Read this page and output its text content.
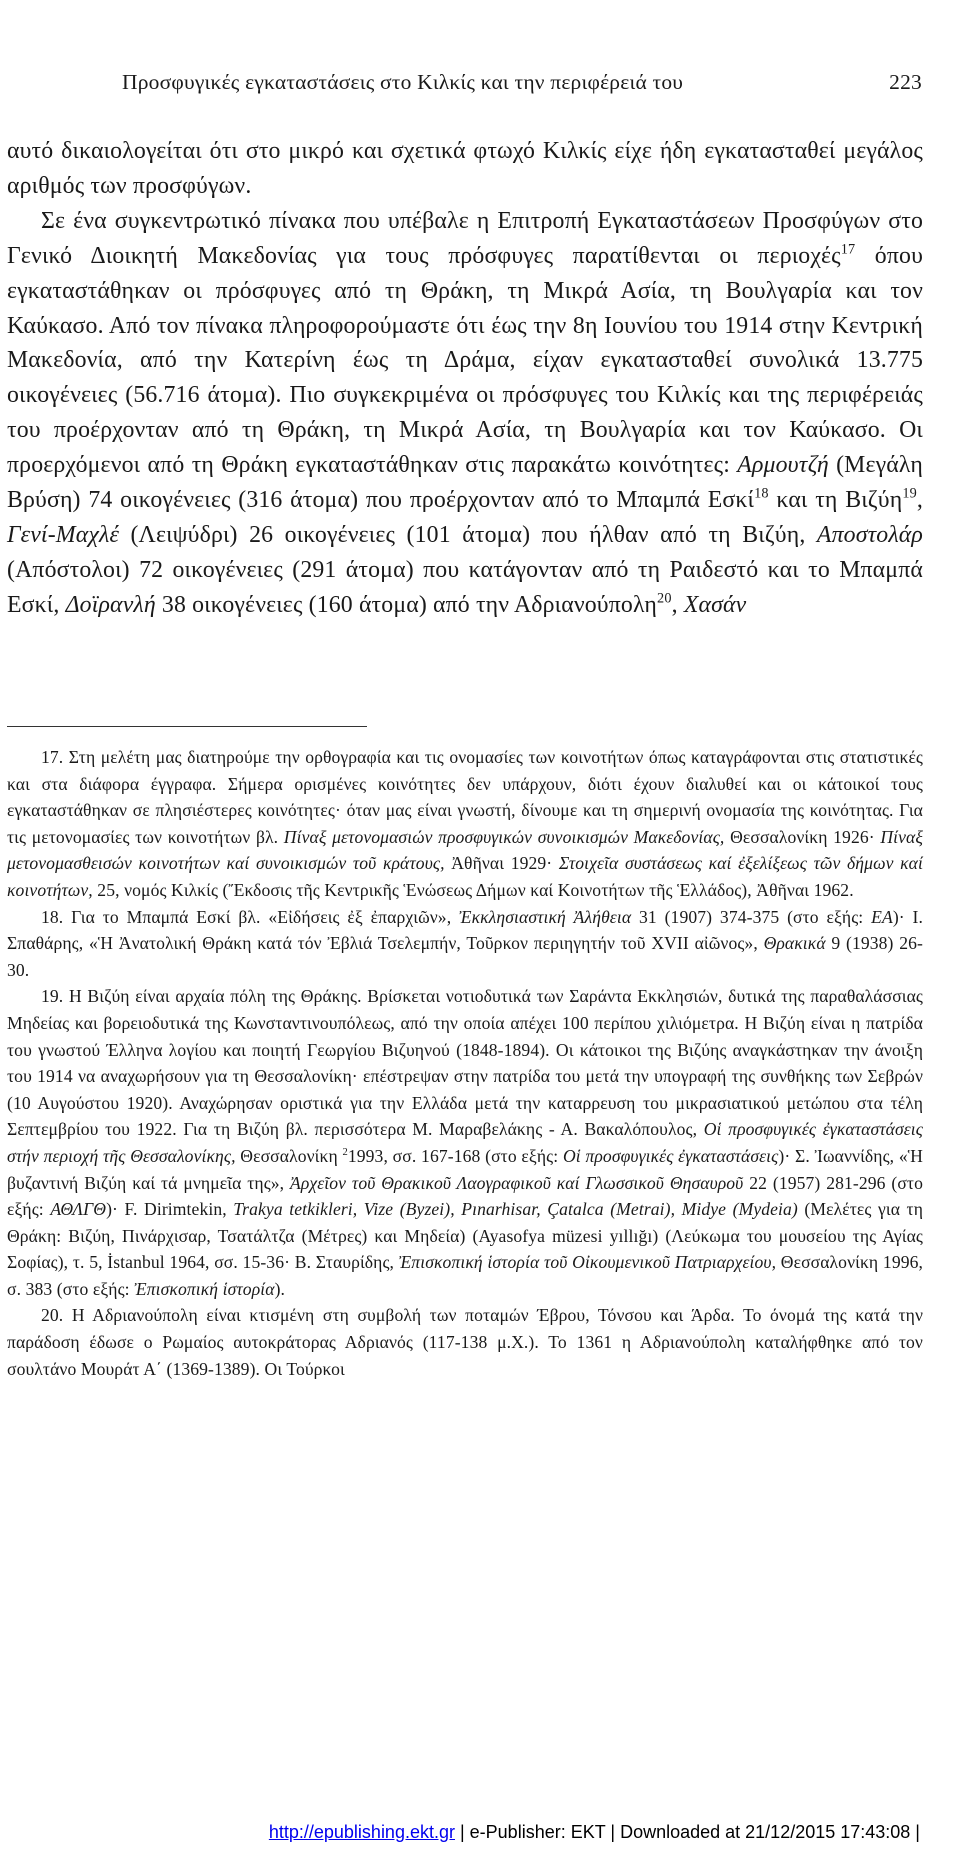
Προσφυγικές εγκαταστάσεις στο Κιλκίς και την περιφέρειά του	223

αυτό δικαιολογείται ότι στο μικρό και σχετικά φτωχό Κιλκίς είχε ήδη εγκατασταθεί μεγάλος αριθμός των προσφύγων.

Σε ένα συγκεντρωτικό πίνακα που υπέβαλε η Επιτροπή Εγκαταστάσεων Προσφύγων στο Γενικό Διοικητή Μακεδονίας για τους πρόσφυγες παρατίθενται οι περιοχές$^{17}$ όπου εγκαταστάθηκαν οι πρόσφυγες από τη Θράκη, τη Μικρά Ασία, τη Βουλγαρία και τον Καύκασο. Από τον πίνακα πληροφορούμαστε ότι έως την 8η Ιουνίου του 1914 στην Κεντρική Μακεδονία, από την Κατερίνη έως τη Δράμα, είχαν εγκατασταθεί συνολικά 13.775 οικογένειες (56.716 άτομα). Πιο συγκεκριμένα οι πρόσφυγες του Κιλκίς και της περιφέρειάς του προέρχονταν από τη Θράκη, τη Μικρά Ασία, τη Βουλγαρία και τον Καύκασο. Οι προερχόμενοι από τη Θράκη εγκαταστάθηκαν στις παρακάτω κοινότητες: Αρμουτζή (Μεγάλη Βρύση) 74 οικογένειες (316 άτομα) που προέρχονταν από το Μπαμπά Εσκί$^{18}$ και τη Βιζύη$^{19}$, Γενί-Μαχλέ (Λειψύδρι) 26 οικογένειες (101 άτομα) που ήλθαν από τη Βιζύη, Αποστολάρ (Απόστολοι) 72 οικογένειες (291 άτομα) που κατάγονταν από τη Ραιδεστό και το Μπαμπά Εσκί, Δοϊρανλή 38 οικογένειες (160 άτομα) από την Αδριανούπολη$^{20}$, Χασάν

17. Στη μελέτη μας διατηρούμε την ορθογραφία και τις ονομασίες των κοινοτήτων όπως καταγράφονται στις στατιστικές και στα διάφορα έγγραφα. Σήμερα ορισμένες κοινότητες δεν υπάρχουν, διότι έχουν διαλυθεί και οι κάτοικοί τους εγκαταστάθηκαν σε πλησιέστερες κοινότητες· όταν μας είναι γνωστή, δίνουμε και τη σημερινή ονομασία της κοινότητας. Για τις μετονομασίες των κοινοτήτων βλ. Πίναξ μετονομασιών προσφυγικών συνοικισμών Μακεδονίας, Θεσσαλονίκη 1926· Πίναξ μετονομασθεισών κοινοτήτων καί συνοικισμών τοῦ κράτους, Ἀθῆναι 1929· Στοιχεῖα συστάσεως καί ἐξελίξεως τῶν δήμων καί κοινοτήτων, 25, νομός Κιλκίς (Ἔκδοσις τῆς Κεντρικῆς Ἑνώσεως Δήμων καί Κοινοτήτων τῆς Ἑλλάδος), Ἀθῆναι 1962.

18. Για το Μπαμπά Εσκί βλ. «Εἰδήσεις ἐξ ἐπαρχιῶν», Ἐκκλησιαστική Ἀλήθεια 31 (1907) 374-375 (στο εξής: ΕΑ)· Ι. Σπαθάρης, «Ἡ Ἀνατολική Θράκη κατά τόν Ἐβλιά Τσελεμπήν, Τοῦρκον περιηγητήν τοῦ XVII αἰῶνος», Θρακικά 9 (1938) 26-30.

19. Η Βιζύη είναι αρχαία πόλη της Θράκης. Βρίσκεται νοτιοδυτικά των Σαράντα Εκκλησιών, δυτικά της παραθαλάσσιας Μηδείας και βορειοδυτικά της Κωνσταντινουπόλεως, από την οποία απέχει 100 περίπου χιλιόμετρα. Η Βιζύη είναι η πατρίδα του γνωστού Έλληνα λογίου και ποιητή Γεωργίου Βιζυηνού (1848-1894). Οι κάτοικοι της Βιζύης αναγκάστηκαν την άνοιξη του 1914 να αναχωρήσουν για τη Θεσσαλονίκη· επέστρεψαν στην πατρίδα του μετά την υπογραφή της συνθήκης των Σεβρών (10 Αυγούστου 1920). Αναχώρησαν οριστικά για την Ελλάδα μετά την καταρρευση του μικρασιατικού μετώπου στα τέλη Σεπτεμβρίου του 1922. Για τη Βιζύη βλ. περισσότερα Μ. Μαραβελάκης - Α. Βακαλόπουλος, Οἱ προσφυγικές ἐγκαταστάσεις στήν περιοχή τῆς Θεσσαλονίκης, Θεσσαλονίκη $^2$1993, σσ. 167-168 (στο εξής: Οἱ προσφυγικές ἐγκαταστάσεις)· Σ. Ἰωαννίδης, «Ἡ βυζαντινή Βιζύη καί τά μνημεῖα της», Ἀρχεῖον τοῦ Θρακικοῦ Λαογραφικοῦ καί Γλωσσικοῦ Θησαυροῦ 22 (1957) 281-296 (στο εξής: ΑΘΛΓΘ)· F. Dirimtekin, Trakya tetkikleri, Vize (Byzei), Pınarhisar, Çatalca (Metrai), Midye (Mydeia) (Μελέτες για τη Θράκη: Βιζύη, Πινάρχισαρ, Τσατάλτζα (Μέτρες) και Μηδεία) (Ayasofya müzesi yıllığı) (Λεύκωμα του μουσείου της Αγίας Σοφίας), τ. 5, İstanbul 1964, σσ. 15-36· Β. Σταυρίδης, Ἐπισκοπική ἱστορία τοῦ Οἰκουμενικοῦ Πατριαρχείου, Θεσσαλονίκη 1996, σ. 383 (στο εξής: Ἐπισκοπική ἱστορία).

20. Η Αδριανούπολη είναι κτισμένη στη συμβολή των ποταμών Έβρου, Τόνσου και Άρδα. Το όνομά της κατά την παράδοση έδωσε ο Ρωμαίος αυτοκράτορας Αδριανός (117-138 μ.Χ.). Το 1361 η Αδριανούπολη καταλήφθηκε από τον σουλτάνο Μουράτ Α΄ (1369-1389). Οι Τούρκοι

http://epublishing.ekt.gr | e-Publisher: EKT | Downloaded at 21/12/2015 17:43:08 |
